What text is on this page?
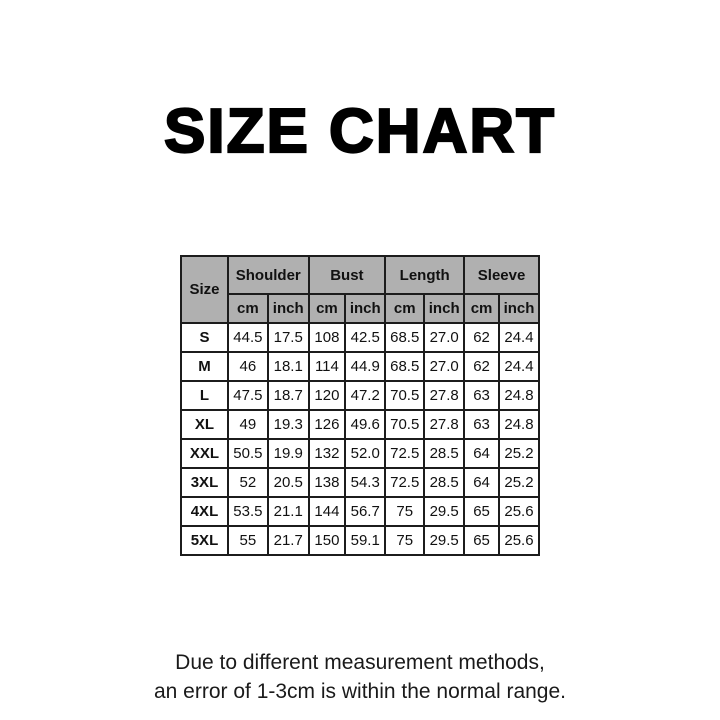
SIZE CHART
Size	Shoulder		Bust		Length		Sleeve	
	cm	inch	cm	inch	cm	inch	cm	inch
S	44.5	17.5	108	42.5	68.5	27.0	62	24.4
M	46	18.1	114	44.9	68.5	27.0	62	24.4
L	47.5	18.7	120	47.2	70.5	27.8	63	24.8
XL	49	19.3	126	49.6	70.5	27.8	63	24.8
XXL	50.5	19.9	132	52.0	72.5	28.5	64	25.2
3XL	52	20.5	138	54.3	72.5	28.5	64	25.2
4XL	53.5	21.1	144	56.7	75	29.5	65	25.6
5XL	55	21.7	150	59.1	75	29.5	65	25.6
Due to different measurement methods,
an error of 1-3cm is within the normal range.
